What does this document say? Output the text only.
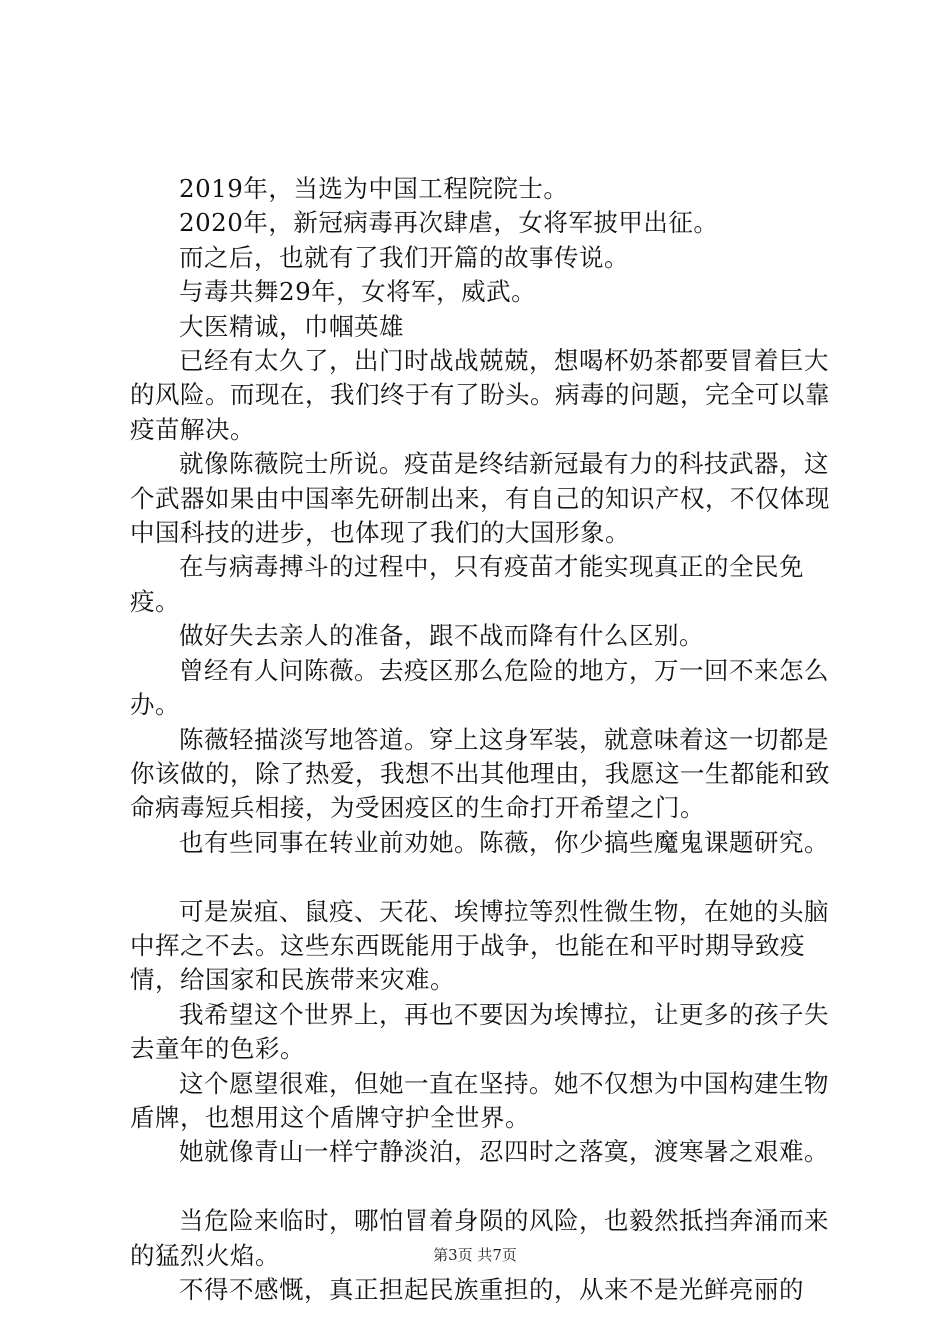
2019年，当选为中国工程院院士。

2020年，新冠病毒再次肆虐，女将军披甲出征。

而之后，也就有了我们开篇的故事传说。

与毒共舞29年，女将军，威武。

大医精诚，巾帼英雄

已经有太久了，出门时战战兢兢，想喝杯奶茶都要冒着巨大的风险。而现在，我们终于有了盼头。病毒的问题，完全可以靠疫苗解决。

就像陈薇院士所说。疫苗是终结新冠最有力的科技武器，这个武器如果由中国率先研制出来，有自己的知识产权，不仅体现中国科技的进步，也体现了我们的大国形象。

在与病毒搏斗的过程中，只有疫苗才能实现真正的全民免疫。

做好失去亲人的准备，跟不战而降有什么区别。

曾经有人问陈薇。去疫区那么危险的地方，万一回不来怎么办。

陈薇轻描淡写地答道。穿上这身军装，就意味着这一切都是你该做的，除了热爱，我想不出其他理由，我愿这一生都能和致命病毒短兵相接，为受困疫区的生命打开希望之门。

也有些同事在转业前劝她。陈薇，你少搞些魔鬼课题研究。

可是炭疽、鼠疫、天花、埃博拉等烈性微生物，在她的头脑中挥之不去。这些东西既能用于战争，也能在和平时期导致疫情，给国家和民族带来灾难。

我希望这个世界上，再也不要因为埃博拉，让更多的孩子失去童年的色彩。

这个愿望很难，但她一直在坚持。她不仅想为中国构建生物盾牌，也想用这个盾牌守护全世界。

她就像青山一样宁静淡泊，忍四时之落寞，渡寒暑之艰难。

当危险来临时，哪怕冒着身陨的风险，也毅然抵挡奔涌而来的猛烈火焰。

不得不感慨，真正担起民族重担的，从来不是光鲜亮丽的

第3页 共7页
